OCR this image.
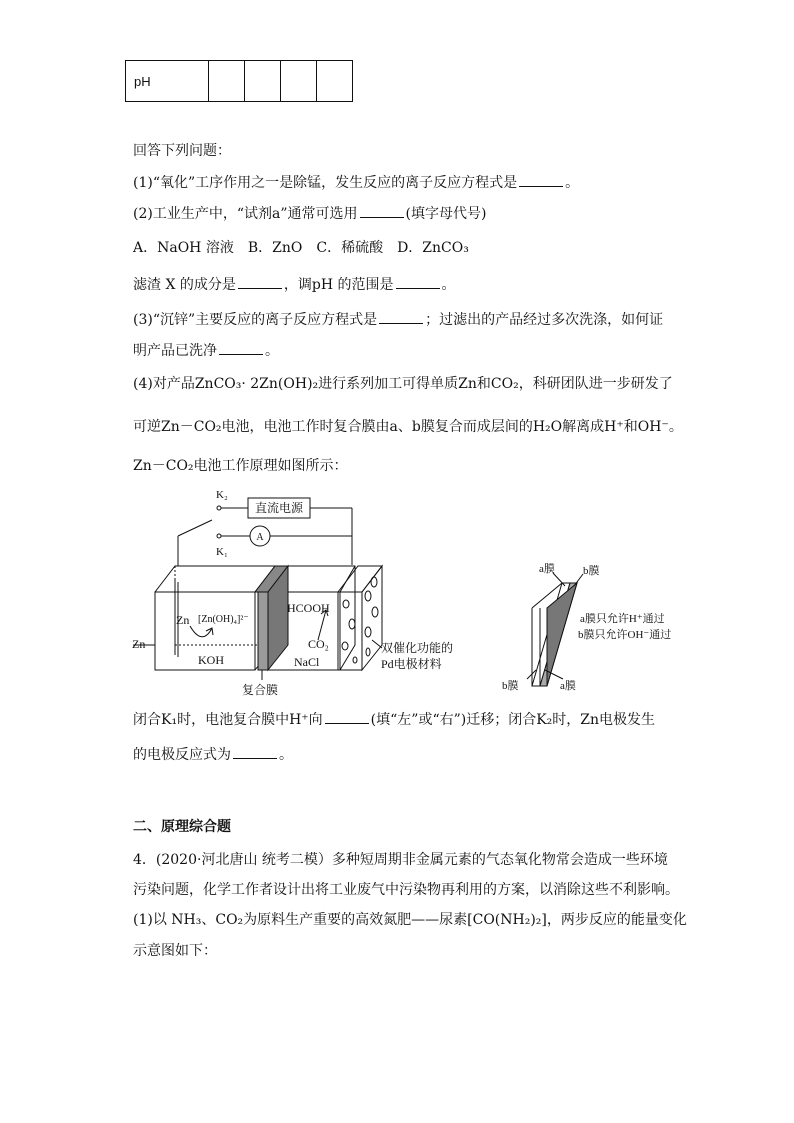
pH				
回答下列问题：
(1)“氧化”工序作用之一是除锰，发生反应的离子反应方程式是	。
(2)工业生产中，“试剂a”通常可选用	(填字母代号)
A．NaOH 溶液　B．ZnO　C．稀硫酸　D．ZnCO₃
滤渣 X 的成分是	，调pH 的范围是	。
(3)“沉锌”主要反应的离子反应方程式是	；过滤出的产品经过多次洗涤，如何证
明产品已洗净	。
(4)对产品ZnCO₃· 2Zn(OH)₂进行系列加工可得单质Zn和CO₂，科研团队进一步研发了
可逆Zn－CO₂电池，电池工作时复合膜由a、b膜复合而成层间的H₂O解离成H⁺和OH⁻。
Zn－CO₂电池工作原理如图所示：
K₂
K₁
直流电源
A
Zn [Zn(OH)₄]²⁻
KOH
Zn
HCOOH
CO₂
NaCl
复合膜
双催化功能的
Pd电极材料
a膜	b膜
b膜	a膜
a膜只允许H⁺通过
b膜只允许OH⁻通过
闭合K₁时，电池复合膜中H⁺向	(填“左”或“右”)迁移；闭合K₂时，Zn电极发生
的电极反应式为	。
二、原理综合题
4．(2020·河北唐山 统考二模）多种短周期非金属元素的气态氧化物常会造成一些环境
污染问题，化学工作者设计出将工业废气中污染物再利用的方案，以消除这些不利影响。
(1)以 NH₃、CO₂为原料生产重要的高效氮肥——尿素[CO(NH₂)₂]，两步反应的能量变化
示意图如下：
